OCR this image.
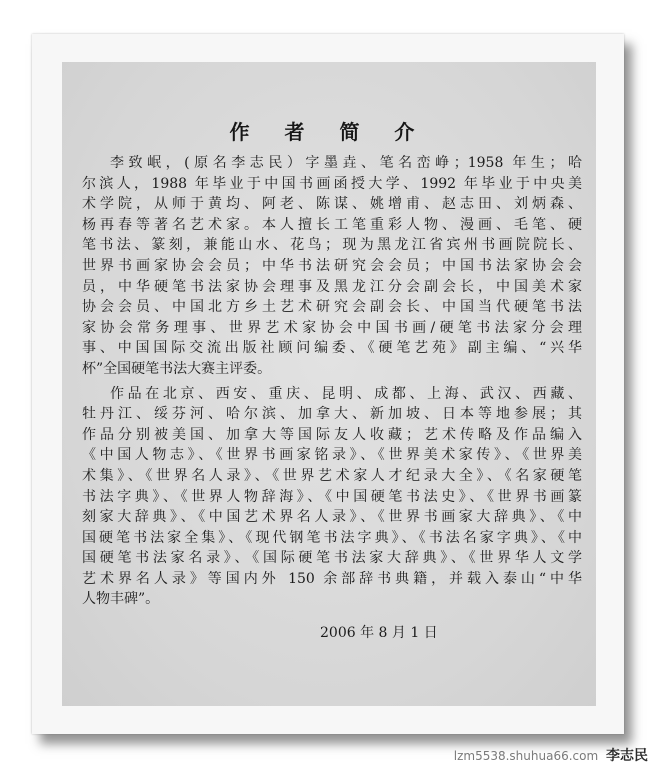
作 者 简 介

李致岷，(原名李志民）字墨垚、笔名峦峥；1958 年生；哈
尔滨人，1988 年毕业于中国书画函授大学、1992 年毕业于中央美
术学院，从师于黄均、阿老、陈谋、姚增甫、赵志田、刘炳森、
杨再春等著名艺术家。本人擅长工笔重彩人物、漫画、毛笔、硬
笔书法、篆刻，兼能山水、花鸟；现为黑龙江省宾州书画院院长、
世界书画家协会会员；中华书法研究会会员；中国书法家协会会
员，中华硬笔书法家协会理事及黑龙江分会副会长，中国美术家
协会会员、中国北方乡土艺术研究会副会长、中国当代硬笔书法
家协会常务理事、世界艺术家协会中国书画/硬笔书法家分会理
事、中国国际交流出版社顾问编委、《硬笔艺苑》副主编、“兴华
杯”全国硬笔书法大赛主评委。

作品在北京、西安、重庆、昆明、成都、上海、武汉、西藏、
牡丹江、绥芬河、哈尔滨、加拿大、新加坡、日本等地参展；其
作品分别被美国、加拿大等国际友人收藏；艺术传略及作品编入
《中国人物志》、《世界书画家铭录》、《世界美术家传》、《世界美
术集》、《世界名人录》、《世界艺术家人才纪录大全》、《名家硬笔
书法字典》、《世界人物辞海》、《中国硬笔书法史》、《世界书画篆
刻家大辞典》、《中国艺术界名人录》、《世界书画家大辞典》、《中
国硬笔书法家全集》、《现代钢笔书法字典》、《书法名家字典》、《中
国硬笔书法家名录》、《国际硬笔书法家大辞典》、《世界华人文学
艺术界名人录》等国内外 150 余部辞书典籍，并载入泰山“中华
人物丰碑”。

2006 年 8 月 1 日
lzm5538.shuhua66.com 李志民
